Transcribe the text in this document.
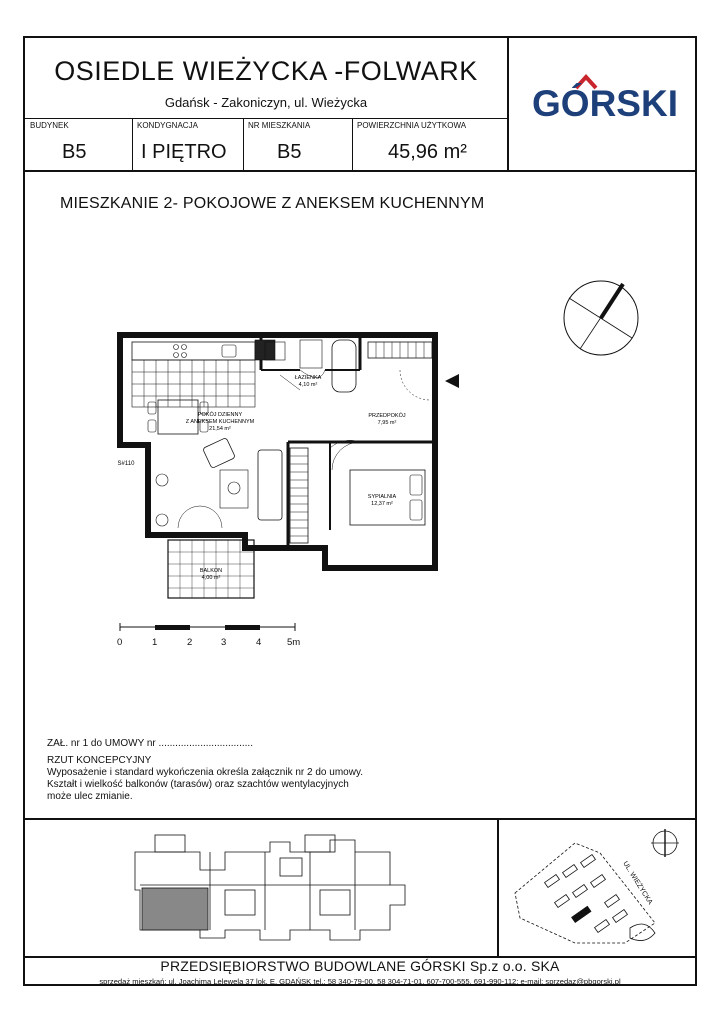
OSIEDLE WIEŻYCKA -FOLWARK
Gdańsk - Zakoniczyn, ul. Wieżycka	GÓRSKI
BUDYNEK
B5
KONDYGNACJA
I PIĘTRO
NR MIESZKANIA
B5
POWIERZCHNIA UŻYTKOWA
45,96 m²
MIESZKANIE 2- POKOJOWE Z ANEKSEM KUCHENNYM
POKÓJ DZIENNY
Z ANEKSEM KUCHENNYM
21,54 m²
ŁAZIENKA
4,10 m²
PRZEDPOKÓJ
7,95 m²
SYPIALNIA
12,37 m²
BALKON
4,00 m²
S#110
0	1	2	3	4	5m
ZAŁ. nr 1 do UMOWY nr ..................................
RZUT KONCEPCYJNY
Wyposażenie i standard wykończenia określa załącznik nr 2 do umowy.
Kształt i wielkość balkonów (tarasów) oraz szachtów wentylacyjnych
może ulec zmianie.
UL. WIEŻYCKA
PRZEDSIĘBIORSTWO BUDOWLANE GÓRSKI Sp.z o.o. SKA
sprzedaż mieszkań: ul. Joachima Lelewela 37 lok. E, GDAŃSK tel.: 58 340-79-00, 58 304-71-01, 607-700-555, 691-990-112; e-mail: sprzedaz@pbgorski.pl
